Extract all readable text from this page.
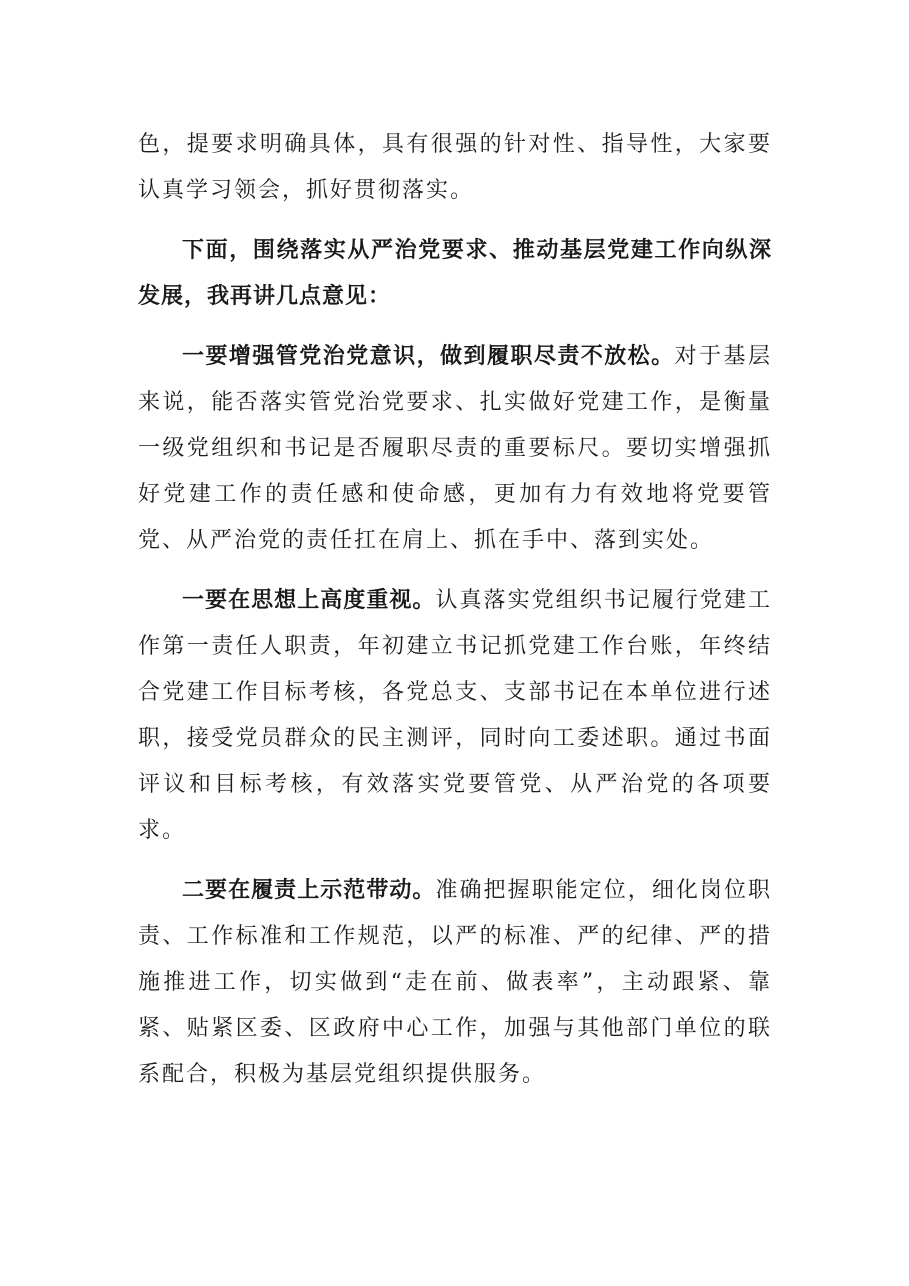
色，提要求明确具体，具有很强的针对性、指导性，大家要认真学习领会，抓好贯彻落实。

下面，围绕落实从严治党要求、推动基层党建工作向纵深发展，我再讲几点意见：

一要增强管党治党意识，做到履职尽责不放松。对于基层来说，能否落实管党治党要求、扎实做好党建工作，是衡量一级党组织和书记是否履职尽责的重要标尺。要切实增强抓好党建工作的责任感和使命感，更加有力有效地将党要管党、从严治党的责任扛在肩上、抓在手中、落到实处。

一要在思想上高度重视。认真落实党组织书记履行党建工作第一责任人职责，年初建立书记抓党建工作台账，年终结合党建工作目标考核，各党总支、支部书记在本单位进行述职，接受党员群众的民主测评，同时向工委述职。通过书面评议和目标考核，有效落实党要管党、从严治党的各项要求。

二要在履责上示范带动。准确把握职能定位，细化岗位职责、工作标准和工作规范，以严的标准、严的纪律、严的措施推进工作，切实做到“走在前、做表率”，主动跟紧、靠紧、贴紧区委、区政府中心工作，加强与其他部门单位的联系配合，积极为基层党组织提供服务。
